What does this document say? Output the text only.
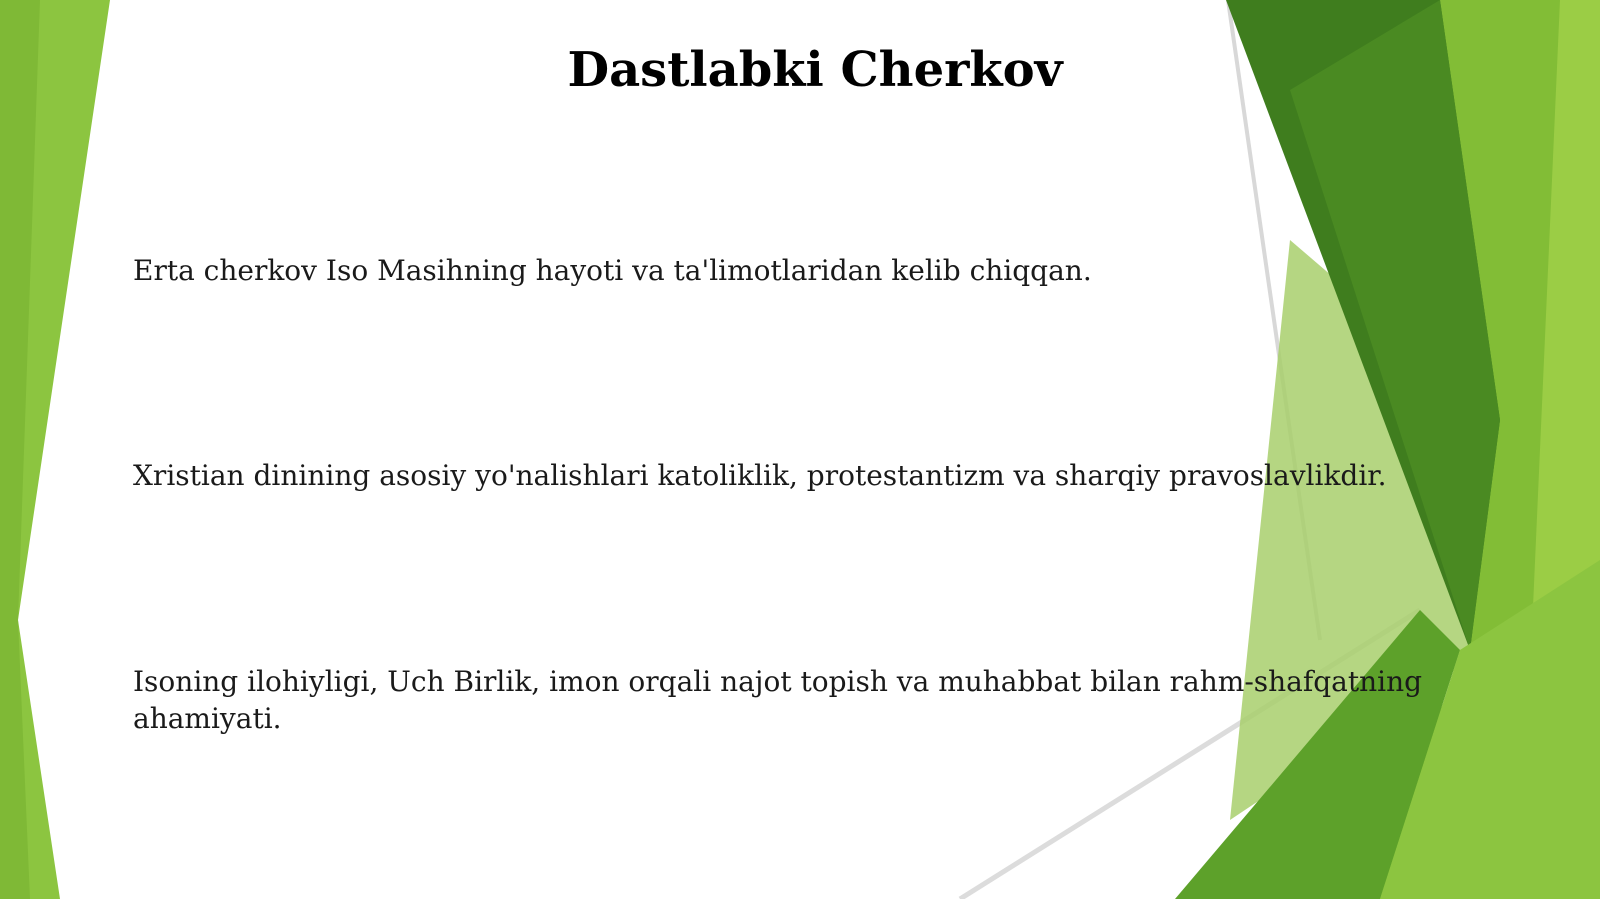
Dastlabki Cherkov

Erta cherkov Iso Masihning hayoti va ta'limotlaridan kelib chiqqan.

Xristian dinining asosiy yo'nalishlari katoliklik, protestantizm va sharqiy pravoslavlikdir.

Isoning ilohiyligi, Uch Birlik, imon orqali najot topish va muhabbat bilan rahm-shafqatning ahamiyati.
